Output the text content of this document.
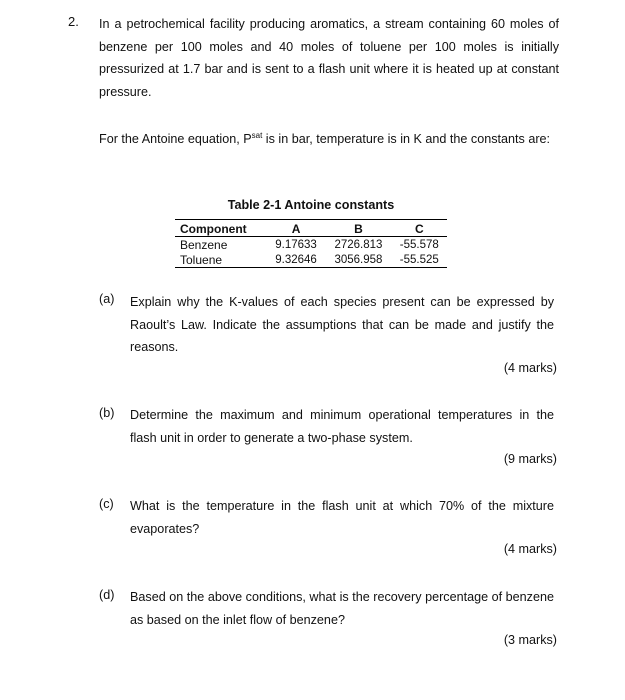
2. In a petrochemical facility producing aromatics, a stream containing 60 moles of benzene per 100 moles and 40 moles of toluene per 100 moles is initially pressurized at 1.7 bar and is sent to a flash unit where it is heated up at constant pressure.
For the Antoine equation, $P^{sat}$ is in bar, temperature is in K and the constants are:
Table 2-1 Antoine constants
Component	A	B	C
Benzene	9.17633	2726.813	-55.578
Toluene	9.32646	3056.958	-55.525
(a) Explain why the K-values of each species present can be expressed by Raoult’s Law. Indicate the assumptions that can be made and justify the reasons.
(4 marks)
(b) Determine the maximum and minimum operational temperatures in the flash unit in order to generate a two-phase system.
(9 marks)
(c) What is the temperature in the flash unit at which 70% of the mixture evaporates?
(4 marks)
(d) Based on the above conditions, what is the recovery percentage of benzene as based on the inlet flow of benzene?
(3 marks)
